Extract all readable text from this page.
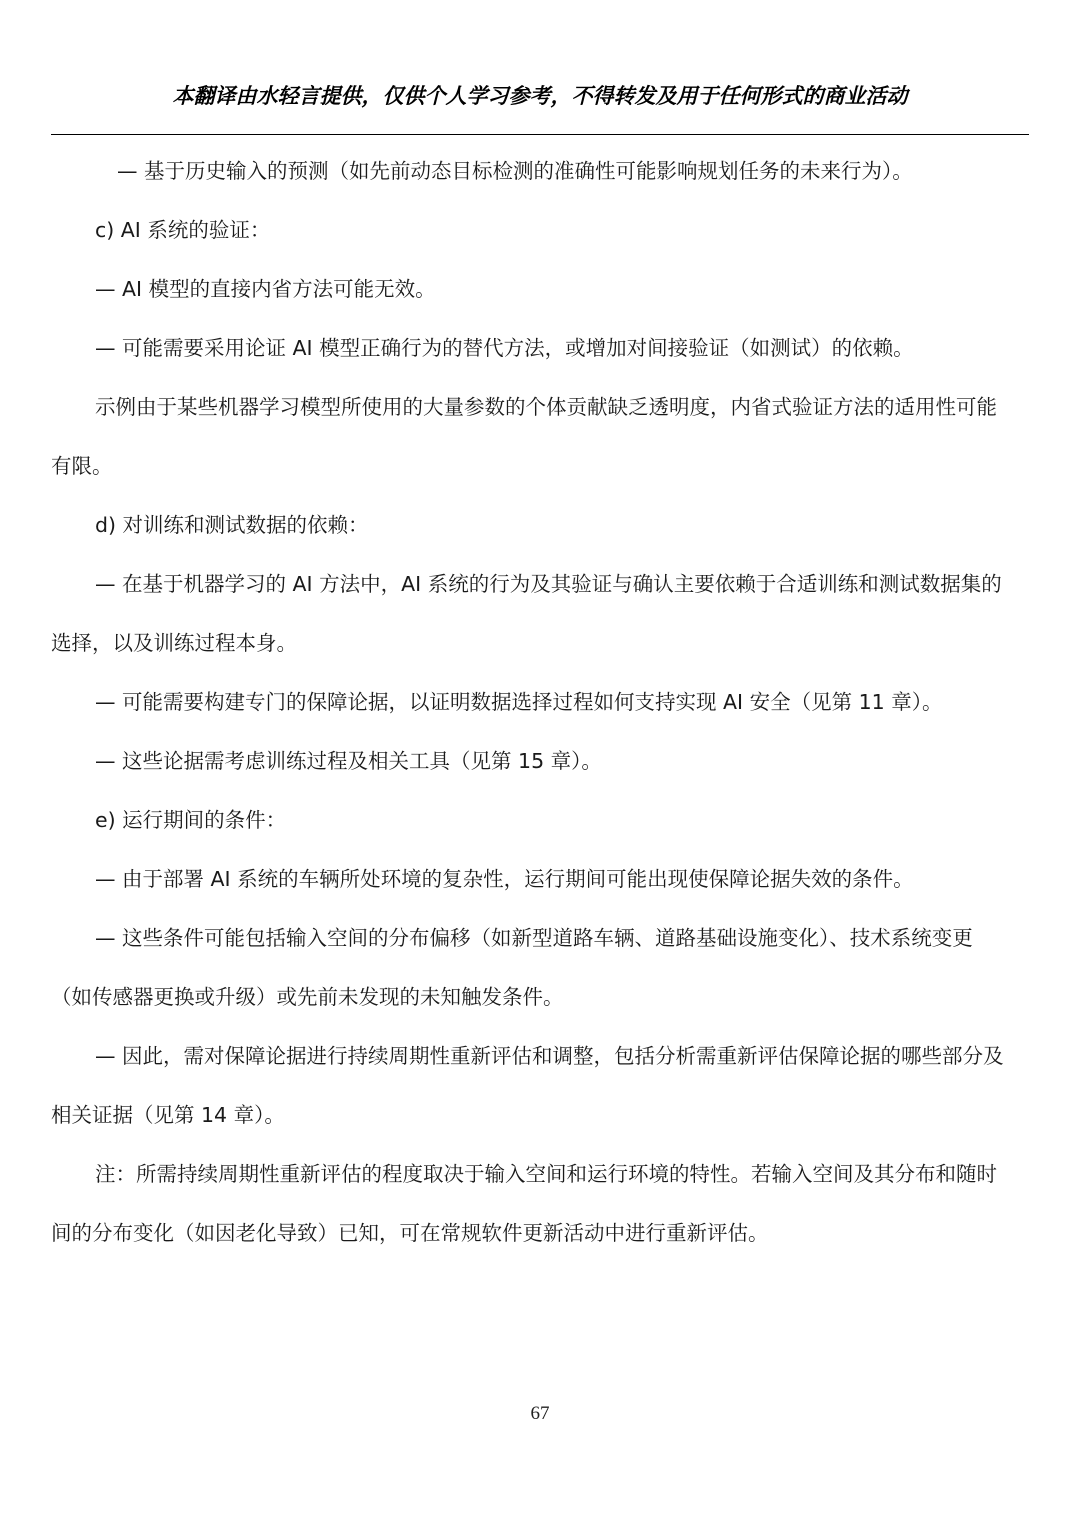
本翻译由水轻言提供，仅供个人学习参考，不得转发及用于任何形式的商业活动

— 基于历史输入的预测（如先前动态目标检测的准确性可能影响规划任务的未来行为）。

c) AI 系统的验证：

— AI 模型的直接内省方法可能无效。

— 可能需要采用论证 AI 模型正确行为的替代方法，或增加对间接验证（如测试）的依赖。

示例由于某些机器学习模型所使用的大量参数的个体贡献缺乏透明度，内省式验证方法的适用性可能有限。

d) 对训练和测试数据的依赖：

— 在基于机器学习的 AI 方法中，AI 系统的行为及其验证与确认主要依赖于合适训练和测试数据集的选择，以及训练过程本身。

— 可能需要构建专门的保障论据，以证明数据选择过程如何支持实现 AI 安全（见第 11 章）。

— 这些论据需考虑训练过程及相关工具（见第 15 章）。

e) 运行期间的条件：

— 由于部署 AI 系统的车辆所处环境的复杂性，运行期间可能出现使保障论据失效的条件。

— 这些条件可能包括输入空间的分布偏移（如新型道路车辆、道路基础设施变化）、技术系统变更（如传感器更换或升级）或先前未发现的未知触发条件。

— 因此，需对保障论据进行持续周期性重新评估和调整，包括分析需重新评估保障论据的哪些部分及相关证据（见第 14 章）。

注：所需持续周期性重新评估的程度取决于输入空间和运行环境的特性。若输入空间及其分布和随时间的分布变化（如因老化导致）已知，可在常规软件更新活动中进行重新评估。

67
